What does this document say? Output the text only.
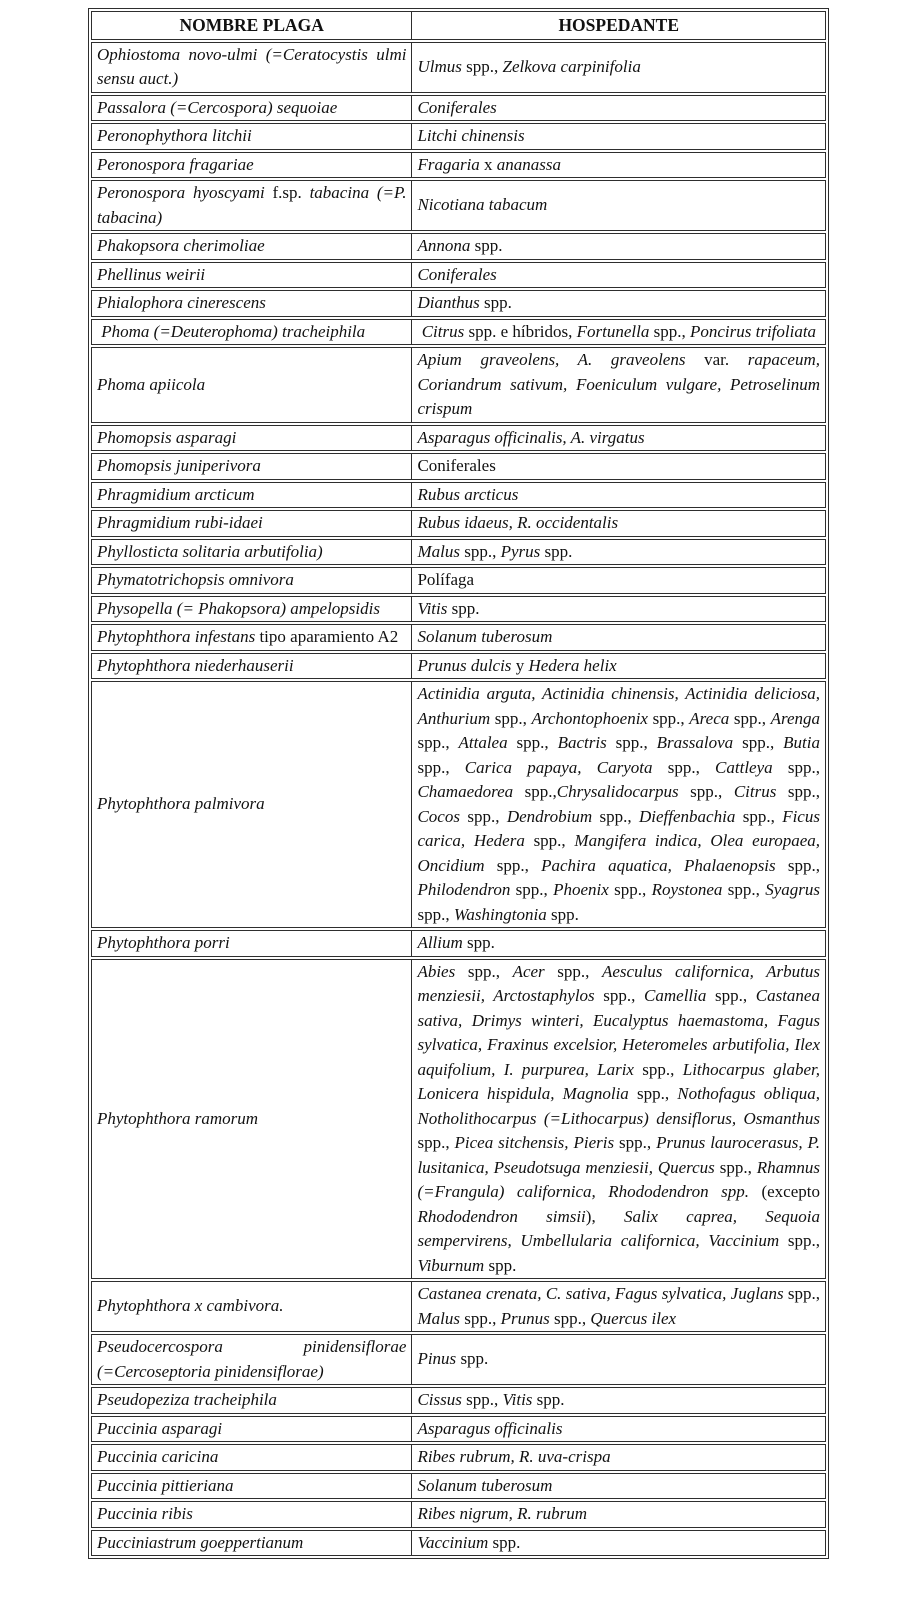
NOMBRE PLAGA	HOSPEDANTE

Ophiostoma novo-ulmi (=Ceratocystis ulmi sensu auct.)	Ulmus spp., Zelkova carpinifolia

Passalora (=Cercospora) sequoiae	Coniferales

Peronophythora litchii	Litchi chinensis

Peronospora fragariae	Fragaria x ananassa

Peronospora hyoscyami f.sp. tabacina (=P. tabacina)	Nicotiana tabacum

Phakopsora cherimoliae	Annona spp.

Phellinus weirii	Coniferales

Phialophora cinerescens	Dianthus spp.

Phoma (=Deuterophoma) tracheiphila	Citrus spp. e híbridos, Fortunella spp., Poncirus trifoliata

Phoma apiicola	Apium graveolens, A. graveolens var. rapaceum, Coriandrum sativum, Foeniculum vulgare, Petroselinum crispum

Phomopsis asparagi	Asparagus officinalis, A. virgatus

Phomopsis juniperivora	Coniferales

Phragmidium arcticum	Rubus arcticus

Phragmidium rubi-idaei	Rubus idaeus, R. occidentalis

Phyllosticta solitaria arbutifolia)	Malus spp., Pyrus spp.

Phymatotrichopsis omnivora	Polífaga

Physopella (= Phakopsora) ampelopsidis	Vitis spp.

Phytophthora infestans tipo aparamiento A2	Solanum tuberosum

Phytophthora niederhauserii	Prunus dulcis y Hedera helix

Phytophthora palmivora	Actinidia arguta, Actinidia chinensis, Actinidia deliciosa, Anthurium spp., Archontophoenix spp., Areca spp., Arenga spp., Attalea spp., Bactris spp., Brassalova spp., Butia spp., Carica papaya, Caryota spp., Cattleya spp., Chamaedorea spp.,Chrysalidocarpus spp., Citrus spp., Cocos spp., Dendrobium spp., Dieffenbachia spp., Ficus carica, Hedera spp., Mangifera indica, Olea europaea, Oncidium spp., Pachira aquatica, Phalaenopsis spp., Philodendron spp., Phoenix spp., Roystonea spp., Syagrus spp., Washingtonia spp.

Phytophthora porri	Allium spp.

Phytophthora ramorum	Abies spp., Acer spp., Aesculus californica, Arbutus menziesii, Arctostaphylos spp., Camellia spp., Castanea sativa, Drimys winteri, Eucalyptus haemastoma, Fagus sylvatica, Fraxinus excelsior, Heteromeles arbutifolia, Ilex aquifolium, I. purpurea, Larix spp., Lithocarpus glaber, Lonicera hispidula, Magnolia spp., Nothofagus obliqua, Notholithocarpus (=Lithocarpus) densiflorus, Osmanthus spp., Picea sitchensis, Pieris spp., Prunus laurocerasus, P. lusitanica, Pseudotsuga menziesii, Quercus spp., Rhamnus (=Frangula) californica, Rhododendron spp. (excepto Rhododendron simsii), Salix caprea, Sequoia sempervirens, Umbellularia californica, Vaccinium spp., Viburnum spp.

Phytophthora x cambivora.	Castanea crenata, C. sativa, Fagus sylvatica, Juglans spp., Malus spp., Prunus spp., Quercus ilex

Pseudocercospora pinidensiflorae (=Cercoseptoria pinidensiflorae)	Pinus spp.

Pseudopeziza tracheiphila	Cissus spp., Vitis spp.

Puccinia asparagi	Asparagus officinalis

Puccinia caricina	Ribes rubrum, R. uva-crispa

Puccinia pittieriana	Solanum tuberosum

Puccinia ribis	Ribes nigrum, R. rubrum

Pucciniastrum goeppertianum	Vaccinium spp.
